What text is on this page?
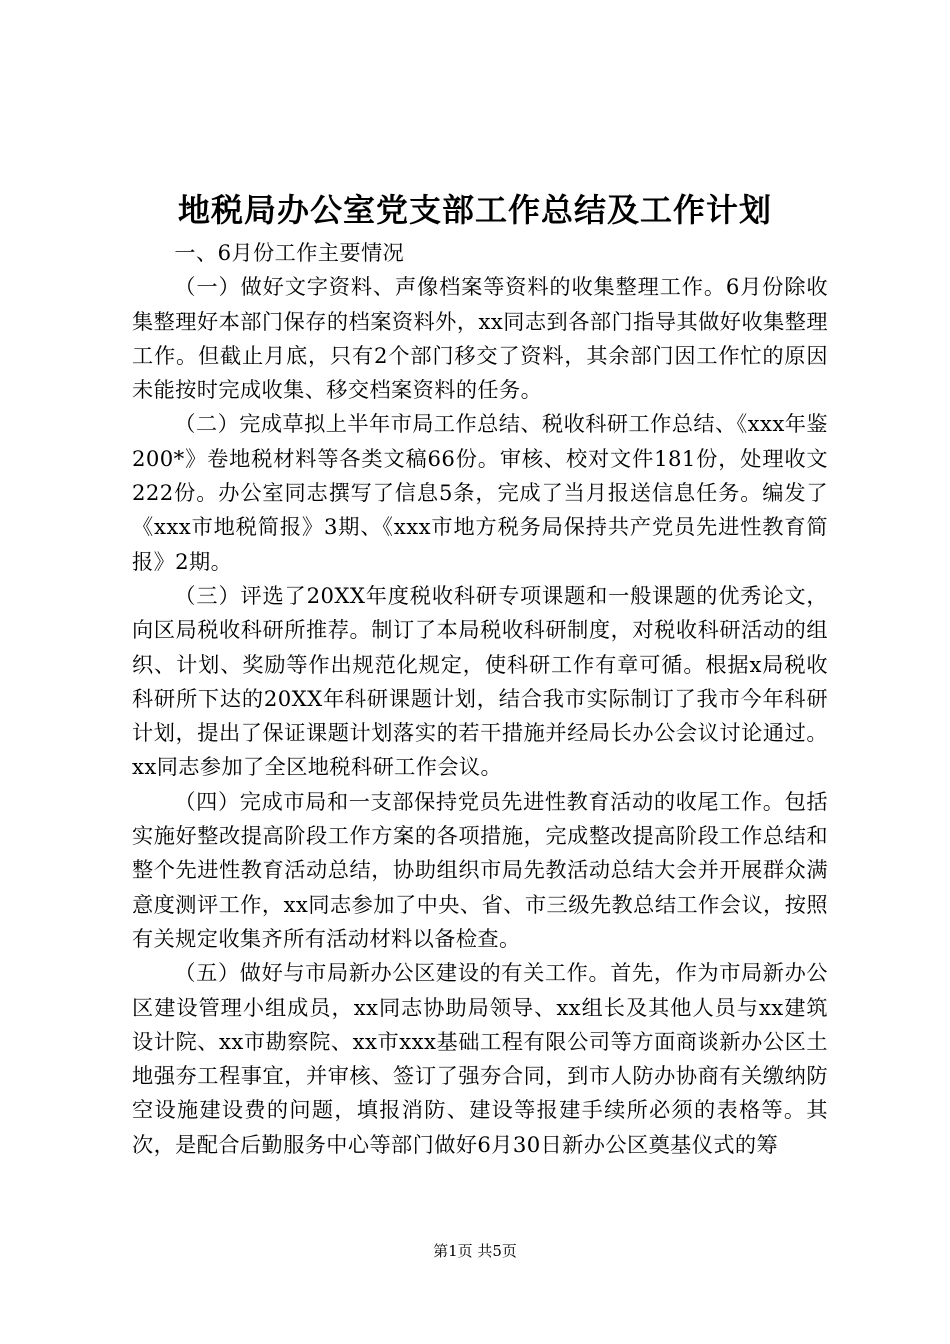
地税局办公室党支部工作总结及工作计划

一、6月份工作主要情况

（一）做好文字资料、声像档案等资料的收集整理工作。6月份除收集整理好本部门保存的档案资料外，xx同志到各部门指导其做好收集整理工作。但截止月底，只有2个部门移交了资料，其余部门因工作忙的原因未能按时完成收集、移交档案资料的任务。

（二）完成草拟上半年市局工作总结、税收科研工作总结、《xxx年鉴200*》卷地税材料等各类文稿66份。审核、校对文件181份，处理收文222份。办公室同志撰写了信息5条，完成了当月报送信息任务。编发了《xxx市地税简报》3期、《xxx市地方税务局保持共产党员先进性教育简报》2期。

（三）评选了20XX年度税收科研专项课题和一般课题的优秀论文，向区局税收科研所推荐。制订了本局税收科研制度，对税收科研活动的组织、计划、奖励等作出规范化规定，使科研工作有章可循。根据x局税收科研所下达的20XX年科研课题计划，结合我市实际制订了我市今年科研计划，提出了保证课题计划落实的若干措施并经局长办公会议讨论通过。xx同志参加了全区地税科研工作会议。

（四）完成市局和一支部保持党员先进性教育活动的收尾工作。包括实施好整改提高阶段工作方案的各项措施，完成整改提高阶段工作总结和整个先进性教育活动总结，协助组织市局先教活动总结大会并开展群众满意度测评工作，xx同志参加了中央、省、市三级先教总结工作会议，按照有关规定收集齐所有活动材料以备检查。

（五）做好与市局新办公区建设的有关工作。首先，作为市局新办公区建设管理小组成员，xx同志协助局领导、xx组长及其他人员与xx建筑设计院、xx市勘察院、xx市xxx基础工程有限公司等方面商谈新办公区土地强夯工程事宜，并审核、签订了强夯合同，到市人防办协商有关缴纳防空设施建设费的问题，填报消防、建设等报建手续所必须的表格等。其次，是配合后勤服务中心等部门做好6月30日新办公区奠基仪式的筹

第1页 共5页
